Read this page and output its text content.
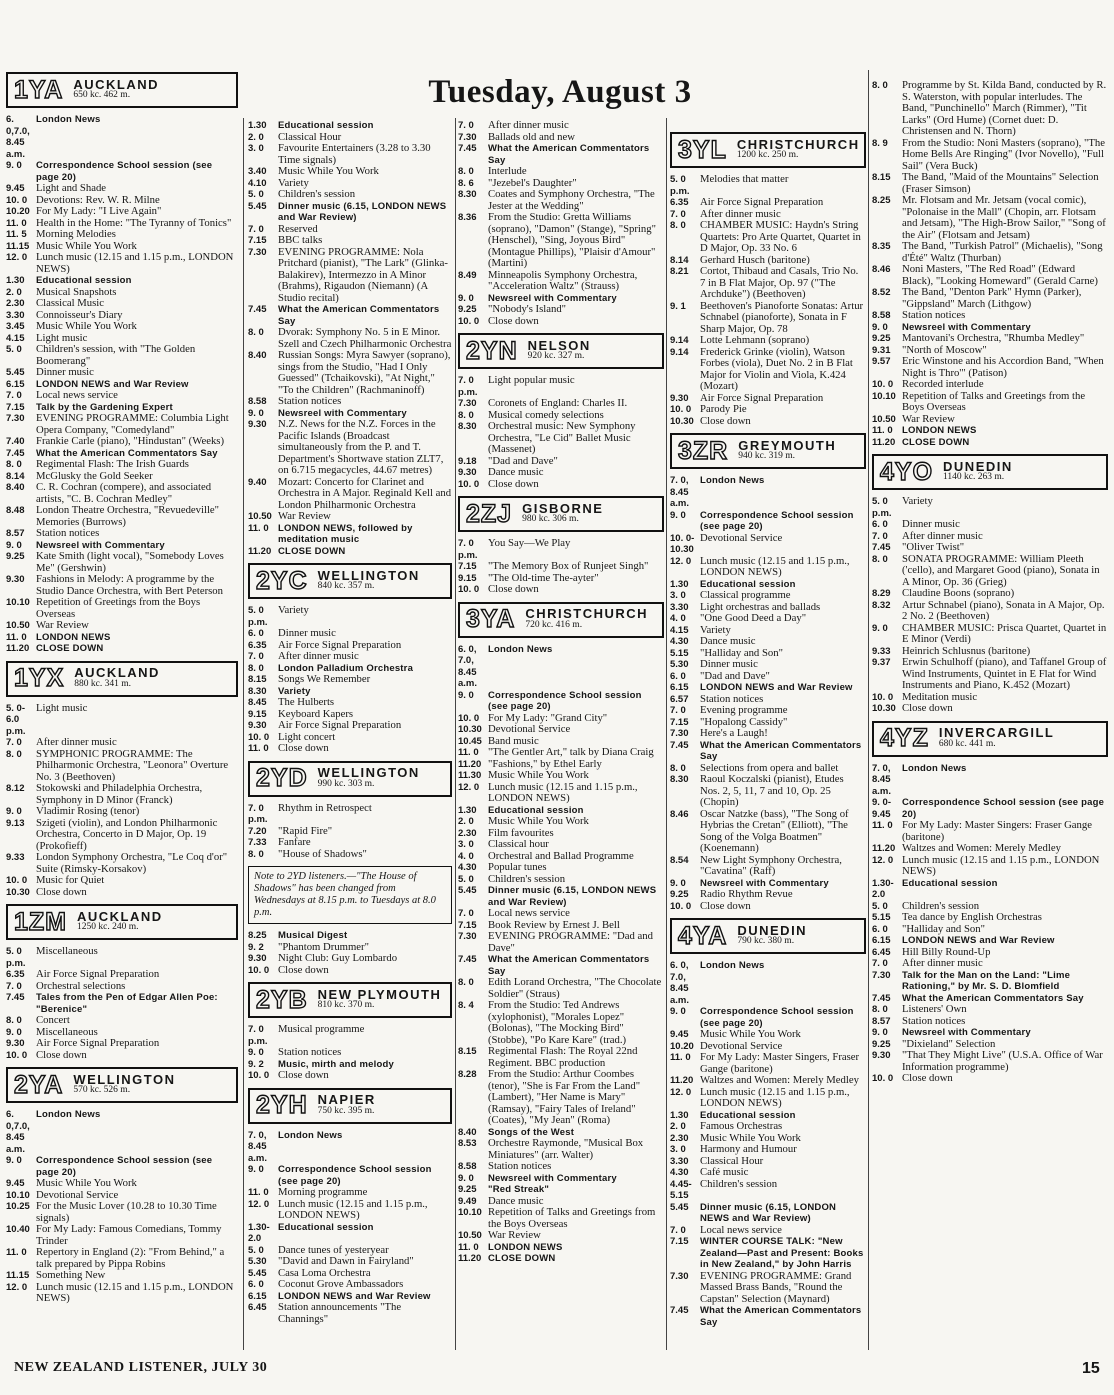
Tuesday, August 3
1YA AUCKLAND
650 kc. 462 m.
6. 0,7.0, 8.45 a.m.
London News
9. 0	Correspondence School session (see page 20)
9.45	Light and Shade
10. 0 Devotions: Rev. W. R. Milne
10.20 For My Lady: "I Live Again"
11. 0 Health in the Home: "The Tyranny of Tonics"
11. 5 Morning Melodies
11.15 Music While You Work
12. 0 Lunch music (12.15 and 1.15 p.m., LONDON NEWS)
1.30	Educational session
2. 0	Musical Snapshots
2.30	Classical Music
3.30	Connoisseur's Diary
3.45	Music While You Work
4.15	Light music
5. 0	Children's session, with "The Golden Boomerang"
5.45	Dinner music
6.15	LONDON NEWS and War Review
7. 0	Local news service
7.15	Talk by the Gardening Expert
7.30	EVENING PROGRAMME: Columbia Light Opera Company, "Comedyland"
7.40	Frankie Carle (piano), "Hindustan" (Weeks)
7.45	What the American Commentators Say
8. 0	Regimental Flash: The Irish Guards
8.14	McGlusky the Gold Seeker
8.40	C. R. Cochran (compere), and associated artists, "C. B. Cochran Medley"
8.48	London Theatre Orchestra, "Revuedeville" Memories (Burrows)
8.57	Station notices
9. 0	Newsreel with Commentary
9.25	Kate Smith (light vocal), "Somebody Loves Me" (Gershwin)
9.30	Fashions in Melody: A programme by the Studio Dance Orchestra, with Bert Peterson
10.10 Repetition of Greetings from the Boys Overseas
10.50 War Review
11. 0 LONDON NEWS
11.20 CLOSE DOWN
1YX AUCKLAND
880 kc. 341 m.
5. 0-6.0 p.m.
Light music
7. 0	After dinner music
8. 0	SYMPHONIC PROGRAMME: The Philharmonic Orchestra, "Leonora" Overture No. 3 (Beethoven)
8.12	Stokowski and Philadelphia Orchestra, Symphony in D Minor (Franck)
9. 0	Vladimir Rosing (tenor)
9.13	Szigeti (violin), and London Philharmonic Orchestra, Concerto in D Major, Op. 19 (Prokofieff)
9.33	London Symphony Orchestra, "Le Coq d'or" Suite (Rimsky-Korsakov)
10. 0 Music for Quiet
10.30 Close down
1ZM AUCKLAND
1250 kc. 240 m.
5. 0 p.m.
Miscellaneous
6.35	Air Force Signal Preparation
7. 0	Orchestral selections
7.45	Tales from the Pen of Edgar Allen Poe: "Berenice"
8. 0	Concert
9. 0	Miscellaneous
9.30	Air Force Signal Preparation
10. 0 Close down
2YA WELLINGTON
570 kc. 526 m.
6. 0,7.0, 8.45 a.m.
London News
9. 0	Correspondence School session (see page 20)
9.45	Music While You Work
10.10 Devotional Service
10.25 For the Music Lover (10.28 to 10.30 Time signals)
10.40 For My Lady: Famous Comedians, Tommy Trinder
11. 0 Repertory in England (2): "From Behind," a talk prepared by Pippa Robins
11.15 Something New
12. 0 Lunch music (12.15 and 1.15 p.m., LONDON NEWS)
1.30	Educational session
2. 0	Classical Hour
3. 0	Favourite Entertainers (3.28 to 3.30 Time signals)
3.40	Music While You Work
4.10	Variety
5. 0	Children's session
5.45	Dinner music (6.15, LONDON NEWS and War Review)
7. 0	Reserved
7.15	BBC talks
7.30	EVENING PROGRAMME: Nola Pritchard (pianist), "The Lark" (Glinka-Balakirev), Intermezzo in A Minor (Brahms), Rigaudon (Niemann) (A Studio recital)
7.45	What the American Commentators Say
8. 0	Dvorak: Symphony No. 5 in E Minor. Szell and Czech Philharmonic Orchestra
8.40	Russian Songs: Myra Sawyer (soprano), sings from the Studio, "Had I Only Guessed" (Tchaikovski), "At Night," "To the Children" (Rachmaninoff)
8.58	Station notices
9. 0	Newsreel with Commentary
9.30	N.Z. News for the N.Z. Forces in the Pacific Islands (Broadcast simultaneously from the P. and T. Department's Shortwave station ZLT7, on 6.715 megacycles, 44.67 metres)
9.40	Mozart: Concerto for Clarinet and Orchestra in A Major. Reginald Kell and London Philharmonic Orchestra
10.50 War Review
11. 0 LONDON NEWS, followed by meditation music
11.20 CLOSE DOWN
2YC WELLINGTON
840 kc. 357 m.
5. 0 p.m.
Variety
6. 0	Dinner music
6.35	Air Force Signal Preparation
7. 0	After dinner music
8. 0	London Palladium Orchestra
8.15	Songs We Remember
8.30	Variety
8.45	The Hulberts
9.15	Keyboard Kapers
9.30	Air Force Signal Preparation
10. 0 Light concert
11. 0 Close down
2YD WELLINGTON
990 kc. 303 m.
7. 0 p.m.
Rhythm in Retrospect
7.20	"Rapid Fire"
7.33	Fanfare
8. 0	"House of Shadows"
Note to 2YD listeners.—"The House of Shadows" has been changed from Wednesdays at 8.15 p.m. to Tuesdays at 8.0 p.m.
8.25	Musical Digest
9. 2	"Phantom Drummer"
9.30	Night Club: Guy Lombardo
10. 0 Close down
2YB NEW PLYMOUTH
810 kc. 370 m.
7. 0 p.m.
Musical programme
9. 0	Station notices
9. 2	Music, mirth and melody
10. 0 Close down
2YH NAPIER
750 kc. 395 m.
7. 0, 8.45 a.m.
London News
9. 0	Correspondence School session (see page 20)
11. 0 Morning programme
12. 0 Lunch music (12.15 and 1.15 p.m., LONDON NEWS)
1.30-2.0
Educational session
5. 0	Dance tunes of yesteryear
5.30	"David and Dawn in Fairyland"
5.45	Casa Loma Orchestra
6. 0	Coconut Grove Ambassadors
6.15	LONDON NEWS and War Review
6.45	Station announcements "The Channings"
7. 0	After dinner music
7.30	Ballads old and new
7.45	What the American Commentators Say
8. 0	Interlude
8. 6	"Jezebel's Daughter"
8.30	Coates and Symphony Orchestra, "The Jester at the Wedding"
8.36	From the Studio: Gretta Williams (soprano), "Damon" (Stange), "Spring" (Henschel), "Sing, Joyous Bird" (Montague Phillips), "Plaisir d'Amour" (Martini)
8.49	Minneapolis Symphony Orchestra, "Acceleration Waltz" (Strauss)
9. 0	Newsreel with Commentary
9.25	"Nobody's Island"
10. 0 Close down
2YN NELSON
920 kc. 327 m.
7. 0 p.m.
Light popular music
7.30	Coronets of England: Charles II.
8. 0	Musical comedy selections
8.30	Orchestral music: New Symphony Orchestra, "Le Cid" Ballet Music (Massenet)
9.18	"Dad and Dave"
9.30	Dance music
10. 0 Close down
2ZJ GISBORNE
980 kc. 306 m.
7. 0 p.m.
You Say—We Play
7.15	"The Memory Box of Runjeet Singh"
9.15	"The Old-time The-ayter"
10. 0 Close down
3YA CHRISTCHURCH
720 kc. 416 m.
6. 0, 7.0, 8.45 a.m.
London News
9. 0	Correspondence School session (see page 20)
10. 0 For My Lady: "Grand City"
10.30 Devotional Service
10.45 Band music
11. 0 "The Gentler Art," talk by Diana Craig
11.20 "Fashions," by Ethel Early
11.30 Music While You Work
12. 0 Lunch music (12.15 and 1.15 p.m., LONDON NEWS)
1.30	Educational session
2. 0	Music While You Work
2.30	Film favourites
3. 0	Classical hour
4. 0	Orchestral and Ballad Programme
4.30	Popular tunes
5. 0	Children's session
5.45	Dinner music (6.15, LONDON NEWS and War Review)
7. 0	Local news service
7.15	Book Review by Ernest J. Bell
7.30	EVENING PROGRAMME: "Dad and Dave"
7.45	What the American Commentators Say
8. 0	Edith Lorand Orchestra, "The Chocolate Soldier" (Straus)
8. 4	From the Studio: Ted Andrews (xylophonist), "Morales Lopez" (Bolonas), "The Mocking Bird" (Stobbe), "Po Kare Kare" (trad.)
8.15	Regimental Flash: The Royal 22nd Regiment. BBC production
8.28	From the Studio: Arthur Coombes (tenor), "She is Far From the Land" (Lambert), "Her Name is Mary" (Ramsay), "Fairy Tales of Ireland" (Coates), "My Jean" (Roma)
8.40	Songs of the West
8.53	Orchestre Raymonde, "Musical Box Miniatures" (arr. Walter)
8.58	Station notices
9. 0	Newsreel with Commentary
9.25	"Red Streak"
9.49	Dance music
10.10 Repetition of Talks and Greetings from the Boys Overseas
10.50 War Review
11. 0 LONDON NEWS
11.20 CLOSE DOWN
3YL CHRISTCHURCH
1200 kc. 250 m.
5. 0 p.m.
Melodies that matter
6.35	Air Force Signal Preparation
7. 0	After dinner music
8. 0	CHAMBER MUSIC: Haydn's String Quartets: Pro Arte Quartet, Quartet in D Major, Op. 33 No. 6
8.14	Gerhard Husch (baritone)
8.21	Cortot, Thibaud and Casals, Trio No. 7 in B Flat Major, Op. 97 ("The Archduke") (Beethoven)
9. 1	Beethoven's Pianoforte Sonatas: Artur Schnabel (pianoforte), Sonata in F Sharp Major, Op. 78
9.14	Lotte Lehmann (soprano)
9.14	Frederick Grinke (violin), Watson Forbes (viola), Duet No. 2 in B Flat Major for Violin and Viola, K.424 (Mozart)
9.30	Air Force Signal Preparation
10. 0 Parody Pie
10.30 Close down
3ZR GREYMOUTH
940 kc. 319 m.
7. 0, 8.45 a.m.
London News
9. 0	Correspondence School session (see page 20)
10. 0-10.30
Devotional Service
12. 0 Lunch music (12.15 and 1.15 p.m., LONDON NEWS)
1.30	Educational session
3. 0	Classical programme
3.30	Light orchestras and ballads
4. 0	"One Good Deed a Day"
4.15	Variety
4.30	Dance music
5.15	"Halliday and Son"
5.30	Dinner music
6. 0	"Dad and Dave"
6.15	LONDON NEWS and War Review
6.57	Station notices
7. 0	Evening programme
7.15	"Hopalong Cassidy"
7.30	Here's a Laugh!
7.45	What the American Commentators Say
8. 0	Selections from opera and ballet
8.30	Raoul Koczalski (pianist), Etudes Nos. 2, 5, 11, 7 and 10, Op. 25 (Chopin)
8.46	Oscar Natzke (bass), "The Song of Hybrias the Cretan" (Elliott), "The Song of the Volga Boatmen" (Koenemann)
8.54	New Light Symphony Orchestra, "Cavatina" (Raff)
9. 0	Newsreel with Commentary
9.25	Radio Rhythm Revue
10. 0 Close down
4YA DUNEDIN
790 kc. 380 m.
6. 0, 7.0, 8.45 a.m.
London News
9. 0	Correspondence School session (see page 20)
9.45	Music While You Work
10.20 Devotional Service
11. 0 For My Lady: Master Singers, Fraser Gange (baritone)
11.20 Waltzes and Women: Merely Medley
12. 0 Lunch music (12.15 and 1.15 p.m., LONDON NEWS)
1.30	Educational session
2. 0	Famous Orchestras
2.30	Music While You Work
3. 0	Harmony and Humour
3.30	Classical Hour
4.30	Café music
4.45-5.15
Children's session
5.45	Dinner music (6.15, LONDON NEWS and War Review)
7. 0	Local news service
7.15	WINTER COURSE TALK: "New Zealand—Past and Present: Books in New Zealand," by John Harris
7.30	EVENING PROGRAMME: Grand Massed Brass Bands, "Round the Capstan" Selection (Maynard)
7.45	What the American Commentators Say
8. 0	Programme by St. Kilda Band, conducted by R. S. Waterston, with popular interludes. The Band, "Punchinello" March (Rimmer), "Tit Larks" (Ord Hume) (Cornet duet: D. Christensen and N. Thorn)
8. 9	From the Studio: Noni Masters (soprano), "The Home Bells Are Ringing" (Ivor Novello), "Full Sail" (Vera Buck)
8.15	The Band, "Maid of the Mountains" Selection (Fraser Simson)
8.25	Mr. Flotsam and Mr. Jetsam (vocal comic), "Polonaise in the Mall" (Chopin, arr. Flotsam and Jetsam), "The High-Brow Sailor," "Song of the Air" (Flotsam and Jetsam)
8.35	The Band, "Turkish Patrol" (Michaelis), "Song d'Été" Waltz (Thurban)
8.46	Noni Masters, "The Red Road" (Edward Black), "Looking Homeward" (Gerald Carne)
8.52	The Band, "Denton Park" Hymn (Parker), "Gippsland" March (Lithgow)
8.58	Station notices
9. 0	Newsreel with Commentary
9.25	Mantovani's Orchestra, "Rhumba Medley"
9.31	"North of Moscow"
9.57	Eric Winstone and his Accordion Band, "When Night is Thro'" (Patison)
10. 0 Recorded interlude
10.10 Repetition of Talks and Greetings from the Boys Overseas
10.50 War Review
11. 0 LONDON NEWS
11.20 CLOSE DOWN
4YO DUNEDIN
1140 kc. 263 m.
5. 0 p.m.
Variety
6. 0	Dinner music
7. 0	After dinner music
7.45	"Oliver Twist"
8. 0	SONATA PROGRAMME: William Pleeth ('cello), and Margaret Good (piano), Sonata in A Minor, Op. 36 (Grieg)
8.29	Claudine Boons (soprano)
8.32	Artur Schnabel (piano), Sonata in A Major, Op. 2 No. 2 (Beethoven)
9. 0	CHAMBER MUSIC: Prisca Quartet, Quartet in E Minor (Verdi)
9.33	Heinrich Schlusnus (baritone)
9.37	Erwin Schulhoff (piano), and Taffanel Group of Wind Instruments, Quintet in E Flat for Wind Instruments and Piano, K.452 (Mozart)
10. 0 Meditation music
10.30 Close down
4YZ INVERCARGILL
680 kc. 441 m.
7. 0, 8.45 a.m.
London News
9. 0-9.45
Correspondence School session (see page 20)
11. 0 For My Lady: Master Singers: Fraser Gange (baritone)
11.20 Waltzes and Women: Merely Medley
12. 0 Lunch music (12.15 and 1.15 p.m., LONDON NEWS)
1.30-2.0
Educational session
5. 0	Children's session
5.15	Tea dance by English Orchestras
6. 0	"Halliday and Son"
6.15	LONDON NEWS and War Review
6.45	Hill Billy Round-Up
7. 0	After dinner music
7.30	Talk for the Man on the Land: "Lime Rationing," by Mr. S. D. Blomfield
7.45	What the American Commentators Say
8. 0	Listeners' Own
8.57	Station notices
9. 0	Newsreel with Commentary
9.25	"Dixieland" Selection
9.30	"That They Might Live" (U.S.A. Office of War Information programme)
10. 0 Close down
NEW ZEALAND LISTENER, JULY 30	15
